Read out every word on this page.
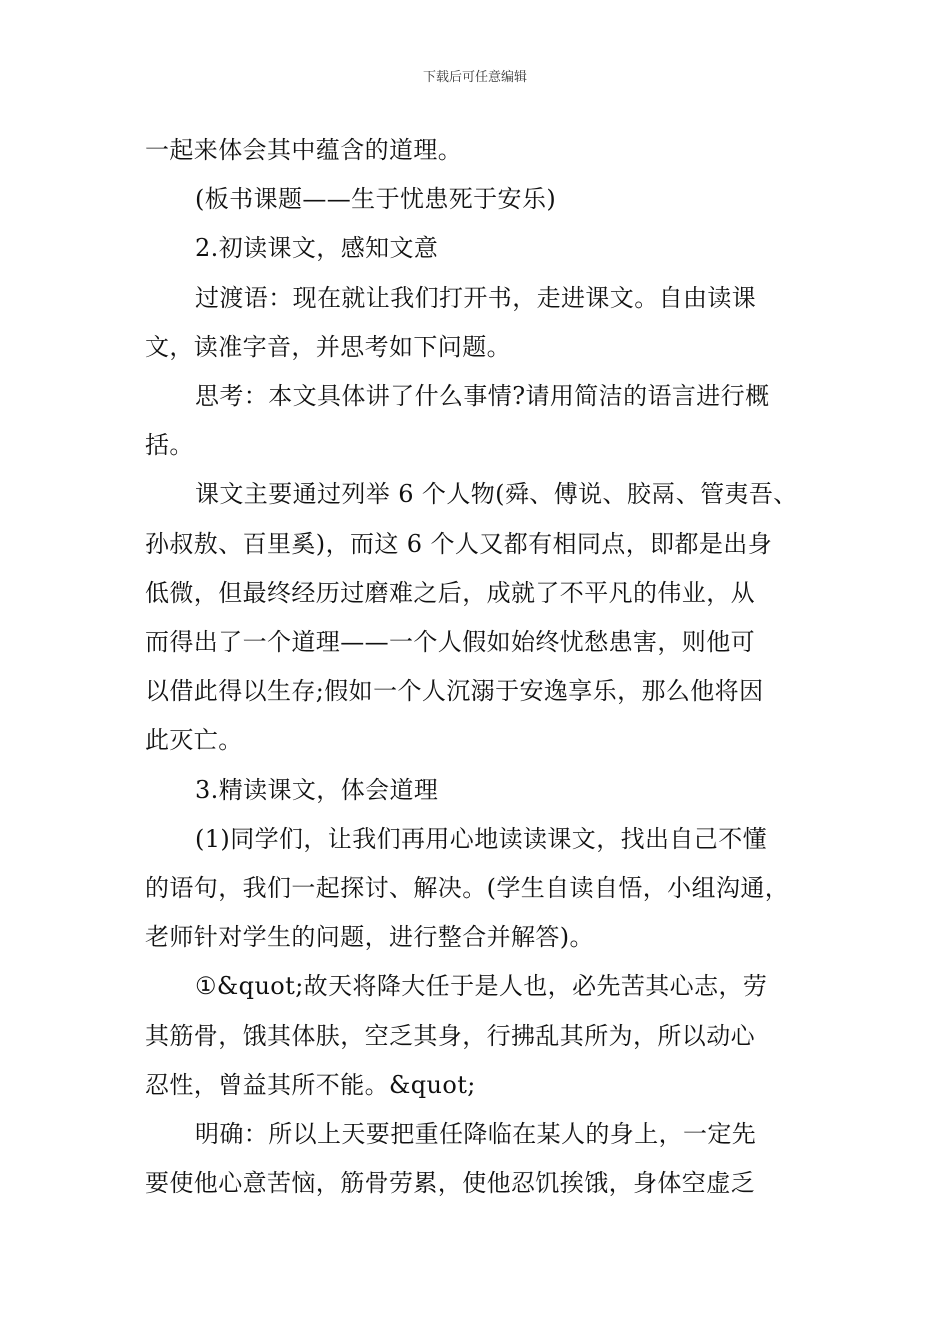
下载后可任意编辑

一起来体会其中蕴含的道理。

(板书课题——生于忧患死于安乐)

2.初读课文，感知文意

过渡语：现在就让我们打开书，走进课文。自由读课
文，读准字音，并思考如下问题。

思考：本文具体讲了什么事情?请用简洁的语言进行概
括。

课文主要通过列举 6 个人物(舜、傅说、胶鬲、管夷吾、
孙叔敖、百里奚)，而这 6 个人又都有相同点，即都是出身
低微，但最终经历过磨难之后，成就了不平凡的伟业，从
而得出了一个道理——一个人假如始终忧愁患害，则他可
以借此得以生存;假如一个人沉溺于安逸享乐，那么他将因
此灭亡。

3.精读课文，体会道理

(1)同学们，让我们再用心地读读课文，找出自己不懂
的语句，我们一起探讨、解决。(学生自读自悟，小组沟通，
老师针对学生的问题，进行整合并解答)。

①&quot;故天将降大任于是人也，必先苦其心志，劳
其筋骨，饿其体肤，空乏其身，行拂乱其所为，所以动心
忍性，曾益其所不能。&quot;

明确：所以上天要把重任降临在某人的身上，一定先
要使他心意苦恼，筋骨劳累，使他忍饥挨饿，身体空虚乏
